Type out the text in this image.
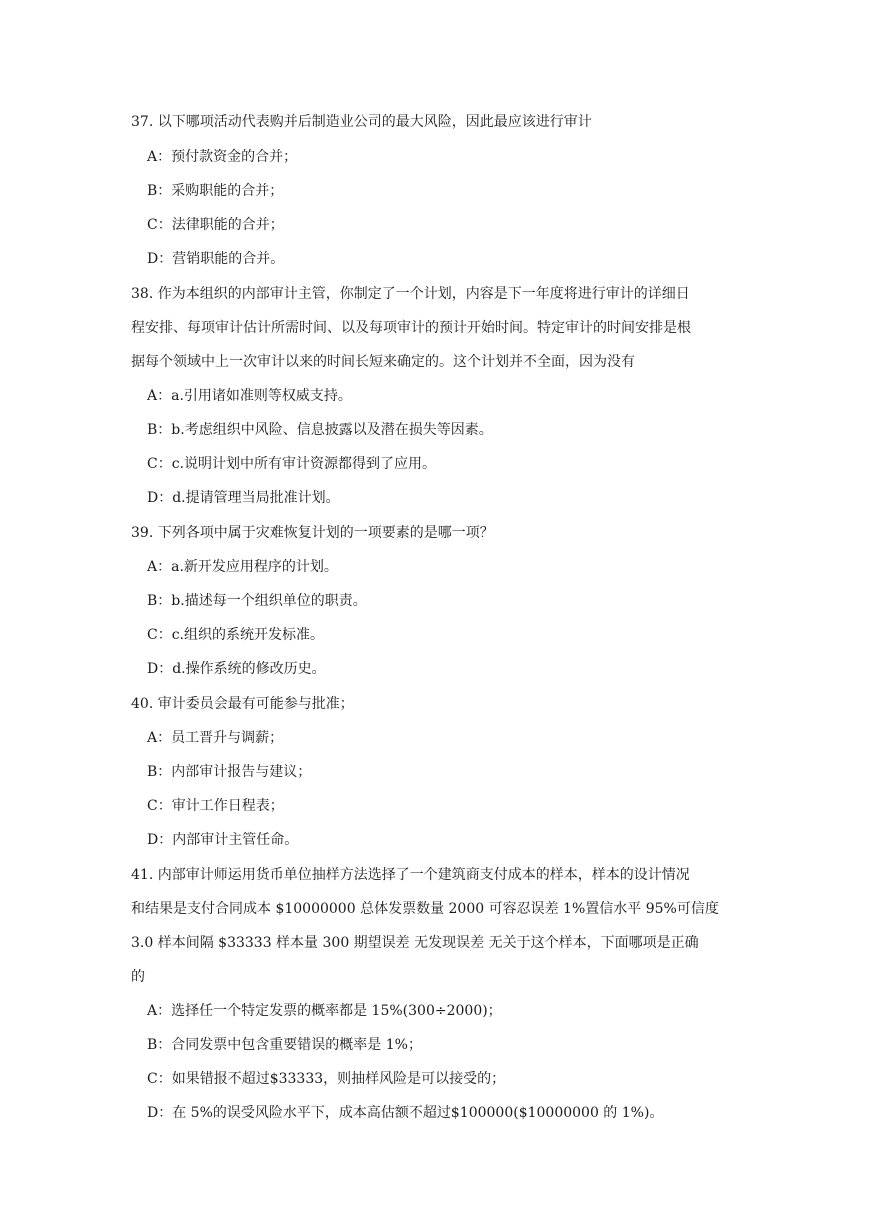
37. 以下哪项活动代表购并后制造业公司的最大风险，因此最应该进行审计
A：预付款资金的合并；
B：采购职能的合并；
C：法律职能的合并；
D：营销职能的合并。
38. 作为本组织的内部审计主管，你制定了一个计划，内容是下一年度将进行审计的详细日
程安排、每项审计估计所需时间、以及每项审计的预计开始时间。特定审计的时间安排是根
据每个领域中上一次审计以来的时间长短来确定的。这个计划并不全面，因为没有
A：a.引用诸如准则等权威支持。
B：b.考虑组织中风险、信息披露以及潜在损失等因素。
C：c.说明计划中所有审计资源都得到了应用。
D：d.提请管理当局批准计划。
39. 下列各项中属于灾难恢复计划的一项要素的是哪一项？
A：a.新开发应用程序的计划。
B：b.描述每一个组织单位的职责。
C：c.组织的系统开发标准。
D：d.操作系统的修改历史。
40. 审计委员会最有可能参与批准；
A：员工晋升与调薪；
B：内部审计报告与建议；
C：审计工作日程表；
D：内部审计主管任命。
41. 内部审计师运用货币单位抽样方法选择了一个建筑商支付成本的样本，样本的设计情况
和结果是支付合同成本 $10000000 总体发票数量 2000 可容忍误差 1%置信水平 95%可信度
3.0 样本间隔 $33333 样本量 300 期望误差 无发现误差 无关于这个样本，下面哪项是正确
的
A：选择任一个特定发票的概率都是 15%(300÷2000)；
B：合同发票中包含重要错误的概率是 1%；
C：如果错报不超过$33333，则抽样风险是可以接受的；
D：在 5%的误受风险水平下，成本高估额不超过$100000($10000000 的 1%)。
